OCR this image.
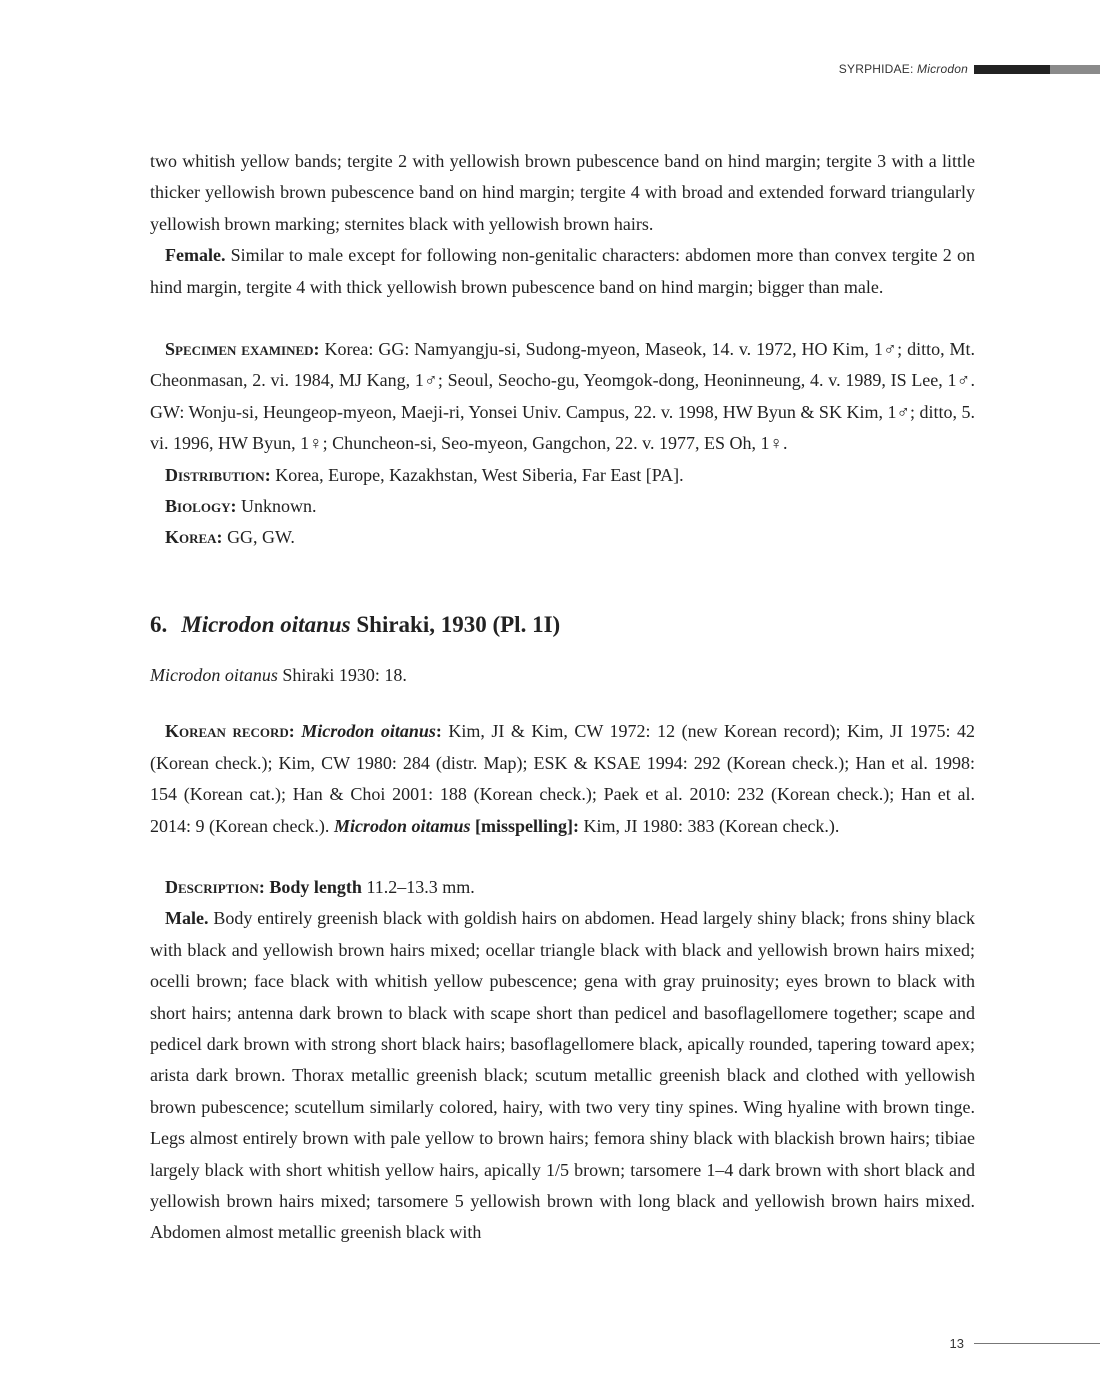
SYRPHIDAE: Microdon

two whitish yellow bands; tergite 2 with yellowish brown pubescence band on hind margin; tergite 3 with a little thicker yellowish brown pubescence band on hind margin; tergite 4 with broad and extended forward triangularly yellowish brown marking; sternites black with yellowish brown hairs.

Female. Similar to male except for following non-genitalic characters: abdomen more than convex tergite 2 on hind margin, tergite 4 with thick yellowish brown pubescence band on hind margin; bigger than male.

Specimen examined: Korea: GG: Namyangju-si, Sudong-myeon, Maseok, 14. v. 1972, HO Kim, 1♂; ditto, Mt. Cheonmasan, 2. vi. 1984, MJ Kang, 1♂; Seoul, Seocho-gu, Yeomgok-dong, Heoninneung, 4. v. 1989, IS Lee, 1♂. GW: Wonju-si, Heungeop-myeon, Maeji-ri, Yonsei Univ. Campus, 22. v. 1998, HW Byun & SK Kim, 1♂; ditto, 5. vi. 1996, HW Byun, 1♀; Chuncheon-si, Seo-myeon, Gangchon, 22. v. 1977, ES Oh, 1♀.

Distribution: Korea, Europe, Kazakhstan, West Siberia, Far East [PA].

Biology: Unknown.

Korea: GG, GW.

6. Microdon oitanus Shiraki, 1930 (Pl. 1I)

Microdon oitanus Shiraki 1930: 18.

Korean record: Microdon oitanus: Kim, JI & Kim, CW 1972: 12 (new Korean record); Kim, JI 1975: 42 (Korean check.); Kim, CW 1980: 284 (distr. Map); ESK & KSAE 1994: 292 (Korean check.); Han et al. 1998: 154 (Korean cat.); Han & Choi 2001: 188 (Korean check.); Paek et al. 2010: 232 (Korean check.); Han et al. 2014: 9 (Korean check.). Microdon oitamus [misspelling]: Kim, JI 1980: 383 (Korean check.).

Description: Body length 11.2–13.3 mm.

Male. Body entirely greenish black with goldish hairs on abdomen. Head largely shiny black; frons shiny black with black and yellowish brown hairs mixed; ocellar triangle black with black and yellowish brown hairs mixed; ocelli brown; face black with whitish yellow pubescence; gena with gray pruinosity; eyes brown to black with short hairs; antenna dark brown to black with scape short than pedicel and basoflagellomere together; scape and pedicel dark brown with strong short black hairs; basoflagellomere black, apically rounded, tapering toward apex; arista dark brown. Thorax metallic greenish black; scutum metallic greenish black and clothed with yellowish brown pubescence; scutellum similarly colored, hairy, with two very tiny spines. Wing hyaline with brown tinge. Legs almost entirely brown with pale yellow to brown hairs; femora shiny black with blackish brown hairs; tibiae largely black with short whitish yellow hairs, apically 1/5 brown; tarsomere 1–4 dark brown with short black and yellowish brown hairs mixed; tarsomere 5 yellowish brown with long black and yellowish brown hairs mixed. Abdomen almost metallic greenish black with

13
